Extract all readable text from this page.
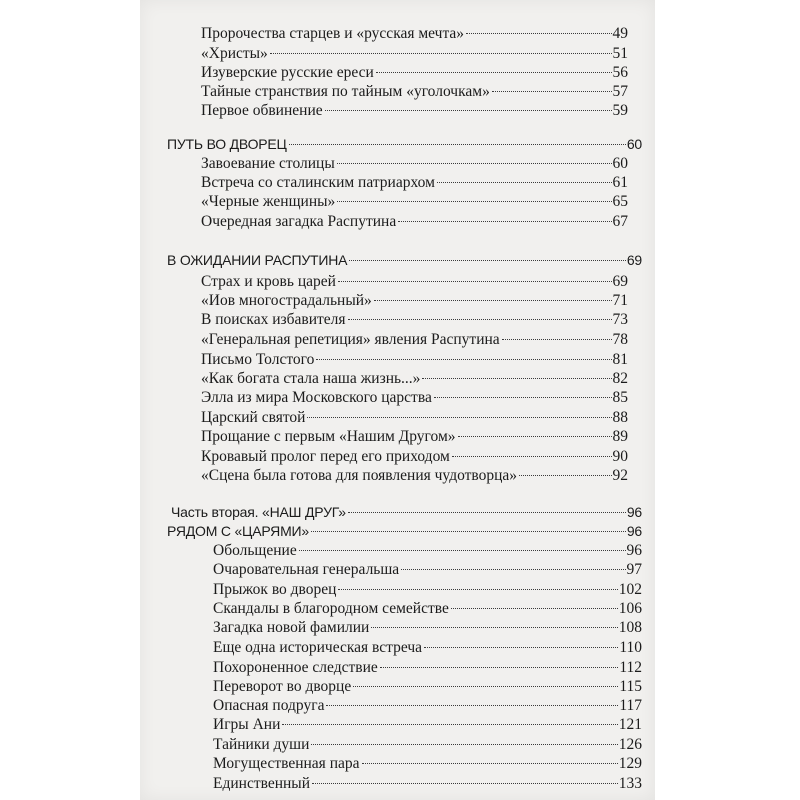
Пророчества старцев и «русская мечта»	49
«Христы»	51
Изуверские русские ереси	56
Тайные странствия по тайным «уголочкам»	57
Первое обвинение	59
ПУТЬ ВО ДВОРЕЦ	60
Завоевание столицы	60
Встреча со сталинским патриархом	61
«Черные женщины»	65
Очередная загадка Распутина	67
В ОЖИДАНИИ РАСПУТИНА	69
Страх и кровь царей	69
«Иов многострадальный»	71
В поисках избавителя	73
«Генеральная репетиция» явления Распутина	78
Письмо Толстого	81
«Как богата стала наша жизнь...»	82
Элла из мира Московского царства	85
Царский святой	88
Прощание с первым «Нашим Другом»	89
Кровавый пролог перед его приходом	90
«Сцена была готова для появления чудотворца»	92
Часть вторая. «НАШ ДРУГ»	96
РЯДОМ С «ЦАРЯМИ»	96
Обольщение	96
Очаровательная генеральша	97
Прыжок во дворец	102
Скандалы в благородном семействе	106
Загадка новой фамилии	108
Еще одна историческая встреча	110
Похороненное следствие	112
Переворот во дворце	115
Опасная подруга	117
Игры Ани	121
Тайники души	126
Могущественная пара	129
Единственный	133
